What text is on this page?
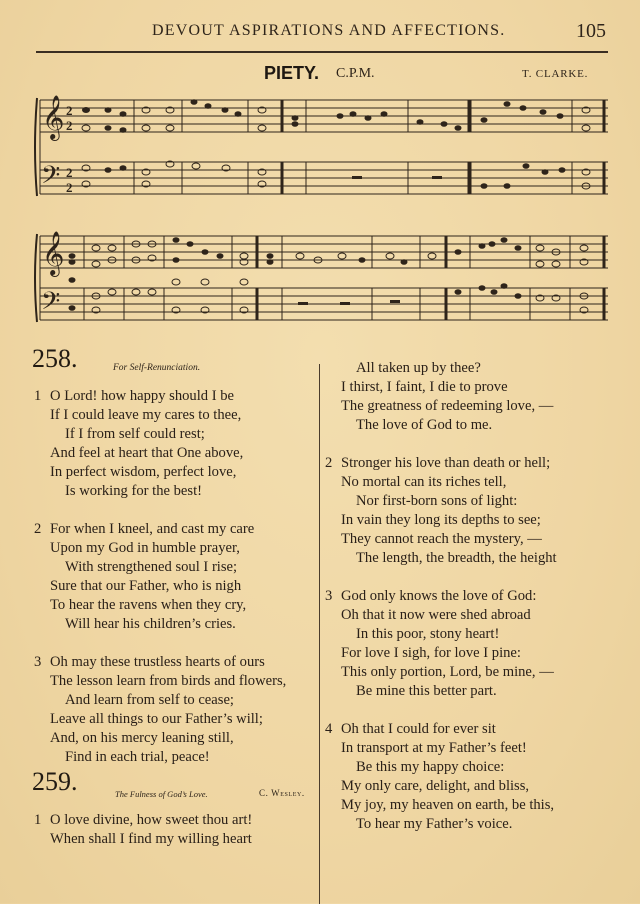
DEVOUT ASPIRATIONS AND AFFECTIONS.	105
PIETY. C.P.M.	T. CLARKE.
𝄞
𝄢
2
2
2
2
𝄞
𝄢
258.	For Self-Renunciation.
1 O Lord! how happy should I be
If I could leave my cares to thee,
If I from self could rest;
And feel at heart that One above,
In perfect wisdom, perfect love,
Is working for the best!
2 For when I kneel, and cast my care
Upon my God in humble prayer,
With strengthened soul I rise;
Sure that our Father, who is nigh
To hear the ravens when they cry,
Will hear his children’s cries.
3 Oh may these trustless hearts of ours
The lesson learn from birds and flowers,
And learn from self to cease;
Leave all things to our Father’s will;
And, on his mercy leaning still,
Find in each trial, peace!
259.	The Fulness of God’s Love.	C. Wesley.
1 O love divine, how sweet thou art!
When shall I find my willing heart
All taken up by thee?
I thirst, I faint, I die to prove
The greatness of redeeming love, —
The love of God to me.
2 Stronger his love than death or hell;
No mortal can its riches tell,
Nor first-born sons of light:
In vain they long its depths to see;
They cannot reach the mystery, —
The length, the breadth, the height
3 God only knows the love of God:
Oh that it now were shed abroad
In this poor, stony heart!
For love I sigh, for love I pine:
This only portion, Lord, be mine, —
Be mine this better part.
4 Oh that I could for ever sit
In transport at my Father’s feet!
Be this my happy choice:
My only care, delight, and bliss,
My joy, my heaven on earth, be this,
To hear my Father’s voice.
